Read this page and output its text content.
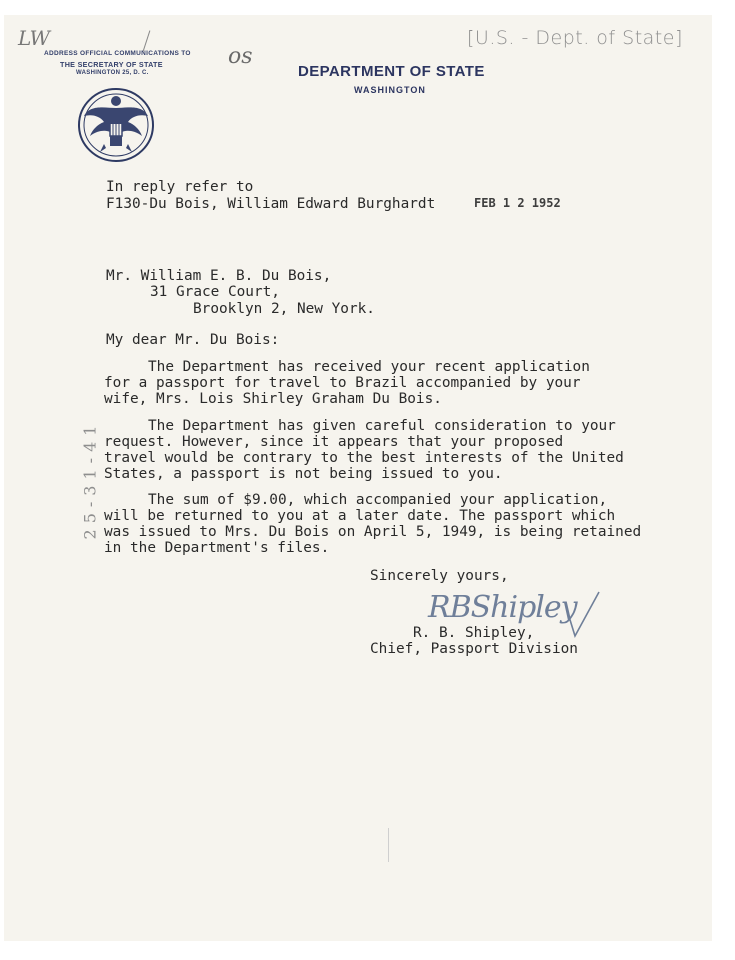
LW
ADDRESS OFFICIAL COMMUNICATIONS TO
THE SECRETARY OF STATE
WASHINGTON 25, D. C.
os
DEPARTMENT OF STATE
WASHINGTON
[U.S. - Dept. of State]
In reply refer to
F130-Du Bois, William Edward Burghardt	FEB 1 2 1952
Mr. William E. B. Du Bois,
31 Grace Court,
Brooklyn 2, New York.
My dear Mr. Du Bois:
The Department has received your recent application
for a passport for travel to Brazil accompanied by your
wife, Mrs. Lois Shirley Graham Du Bois.
The Department has given careful consideration to your
request. However, since it appears that your proposed
travel would be contrary to the best interests of the United
States, a passport is not being issued to you.
The sum of $9.00, which accompanied your application,
will be returned to you at a later date. The passport which
was issued to Mrs. Du Bois on April 5, 1949, is being retained
in the Department's files.
25-31-41
Sincerely yours,
RBShipley
R. B. Shipley,
Chief, Passport Division
